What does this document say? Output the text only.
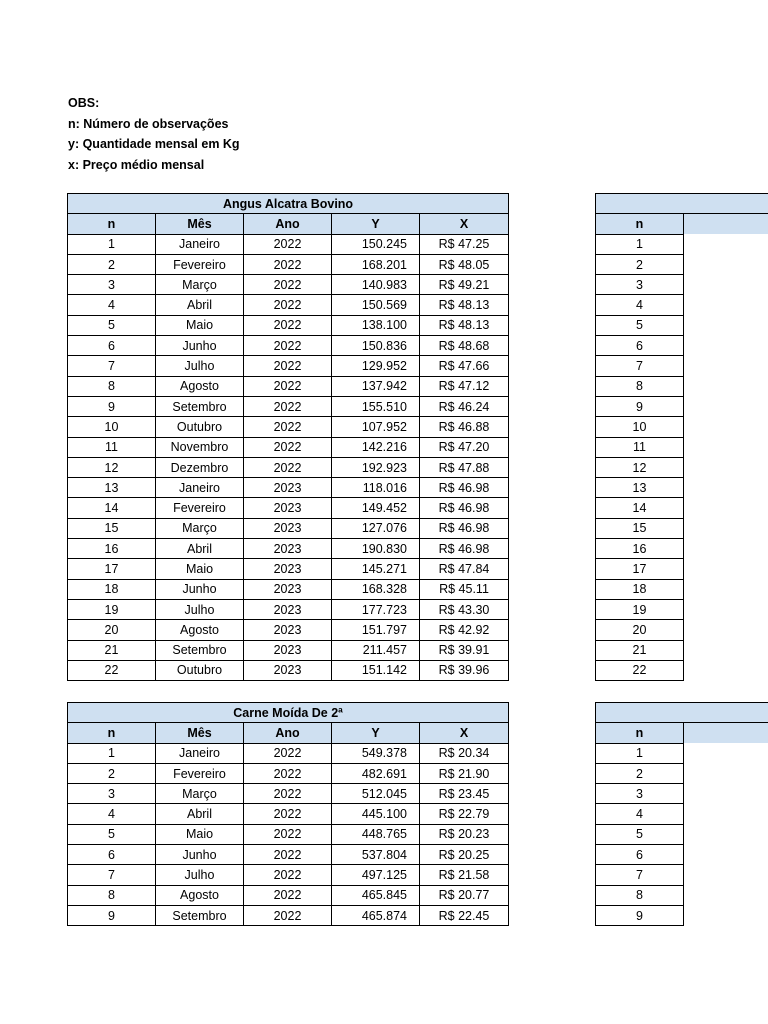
OBS:
n: Número de observações
y: Quantidade mensal em Kg
x: Preço médio mensal
Angus Alcatra Bovino				
n	Mês	Ano	Y	X
1	Janeiro	2022	150.245	R$ 47.25
2	Fevereiro	2022	168.201	R$ 48.05
3	Março	2022	140.983	R$ 49.21
4	Abril	2022	150.569	R$ 48.13
5	Maio	2022	138.100	R$ 48.13
6	Junho	2022	150.836	R$ 48.68
7	Julho	2022	129.952	R$ 47.66
8	Agosto	2022	137.942	R$ 47.12
9	Setembro	2022	155.510	R$ 46.24
10	Outubro	2022	107.952	R$ 46.88
11	Novembro	2022	142.216	R$ 47.20
12	Dezembro	2022	192.923	R$ 47.88
13	Janeiro	2023	118.016	R$ 46.98
14	Fevereiro	2023	149.452	R$ 46.98
15	Março	2023	127.076	R$ 46.98
16	Abril	2023	190.830	R$ 46.98
17	Maio	2023	145.271	R$ 47.84
18	Junho	2023	168.328	R$ 45.11
19	Julho	2023	177.723	R$ 43.30
20	Agosto	2023	151.797	R$ 42.92
21	Setembro	2023	211.457	R$ 39.91
22	Outubro	2023	151.142	R$ 39.96
Carne Moída De 2ª				
n	Mês	Ano	Y	X
1	Janeiro	2022	549.378	R$ 20.34
2	Fevereiro	2022	482.691	R$ 21.90
3	Março	2022	512.045	R$ 23.45
4	Abril	2022	445.100	R$ 22.79
5	Maio	2022	448.765	R$ 20.23
6	Junho	2022	537.804	R$ 20.25
7	Julho	2022	497.125	R$ 21.58
8	Agosto	2022	465.845	R$ 20.77
9	Setembro	2022	465.874	R$ 22.45

n	
1	
2	
3	
4	
5	
6	
7	
8	
9	
10	
11	
12	
13	
14	
15	
16	
17	
18	
19	
20	
21	
22	

n	
1	
2	
3	
4	
5	
6	
7	
8	
9	
